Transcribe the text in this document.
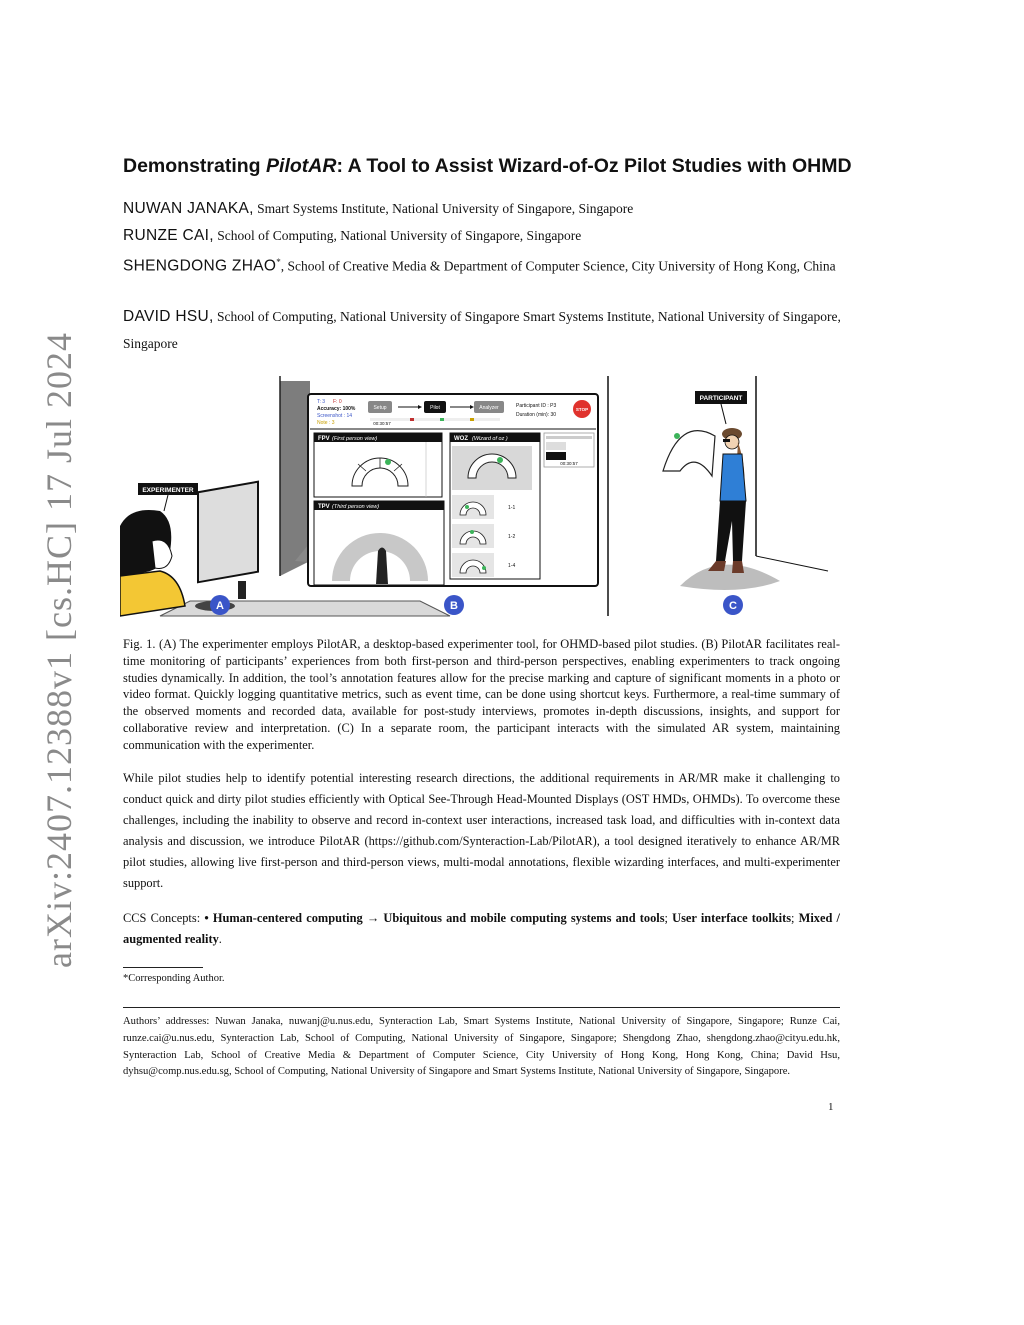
arXiv:2407.12388v1 [cs.HC] 17 Jul 2024
Demonstrating PilotAR: A Tool to Assist Wizard-of-Oz Pilot Studies with OHMD
NUWAN JANAKA, Smart Systems Institute, National University of Singapore, Singapore
RUNZE CAI, School of Computing, National University of Singapore, Singapore
SHENGDONG ZHAO*, School of Creative Media & Department of Computer Science, City University of Hong Kong, China
DAVID HSU, School of Computing, National University of Singapore Smart Systems Institute, National University of Singapore, Singapore
EXPERIMENTER
T: 3 F: 0
Accuracy: 100%
Screenshot : 14
Note : 3
Setup	Pilot	Analyzer
00:30:57
Participant ID : P3
Duration (min): 30
STOP
FPV (First person view)	WOZ (Wizard of oz )
1-1
1-2
1-4
00:30:57
TPV (Third person view)
A	B
PARTICIPANT
C
Fig. 1. (A) The experimenter employs PilotAR, a desktop-based experimenter tool, for OHMD-based pilot studies. (B) PilotAR facilitates real-time monitoring of participants’ experiences from both first-person and third-person perspectives, enabling experimenters to track ongoing studies dynamically. In addition, the tool’s annotation features allow for the precise marking and capture of significant moments in a photo or video format. Quickly logging quantitative metrics, such as event time, can be done using shortcut keys. Furthermore, a real-time summary of the observed moments and recorded data, available for post-study interviews, promotes in-depth discussions, insights, and support for collaborative review and interpretation. (C) In a separate room, the participant interacts with the simulated AR system, maintaining communication with the experimenter.
While pilot studies help to identify potential interesting research directions, the additional requirements in AR/MR make it challenging to conduct quick and dirty pilot studies efficiently with Optical See-Through Head-Mounted Displays (OST HMDs, OHMDs). To overcome these challenges, including the inability to observe and record in-context user interactions, increased task load, and difficulties with in-context data analysis and discussion, we introduce PilotAR (https://github.com/Synteraction-Lab/PilotAR), a tool designed iteratively to enhance AR/MR pilot studies, allowing live first-person and third-person views, multi-modal annotations, flexible wizarding interfaces, and multi-experimenter support.
CCS Concepts: • Human-centered computing → Ubiquitous and mobile computing systems and tools; User interface toolkits; Mixed / augmented reality.
*Corresponding Author.
Authors’ addresses: Nuwan Janaka, nuwanj@u.nus.edu, Synteraction Lab, Smart Systems Institute, National University of Singapore, Singapore; Runze Cai, runze.cai@u.nus.edu, Synteraction Lab, School of Computing, National University of Singapore, Singapore; Shengdong Zhao, shengdong.zhao@cityu.edu.hk, Synteraction Lab, School of Creative Media & Department of Computer Science, City University of Hong Kong, Hong Kong, China; David Hsu, dyhsu@comp.nus.edu.sg, School of Computing, National University of Singapore and Smart Systems Institute, National University of Singapore, Singapore.
1
